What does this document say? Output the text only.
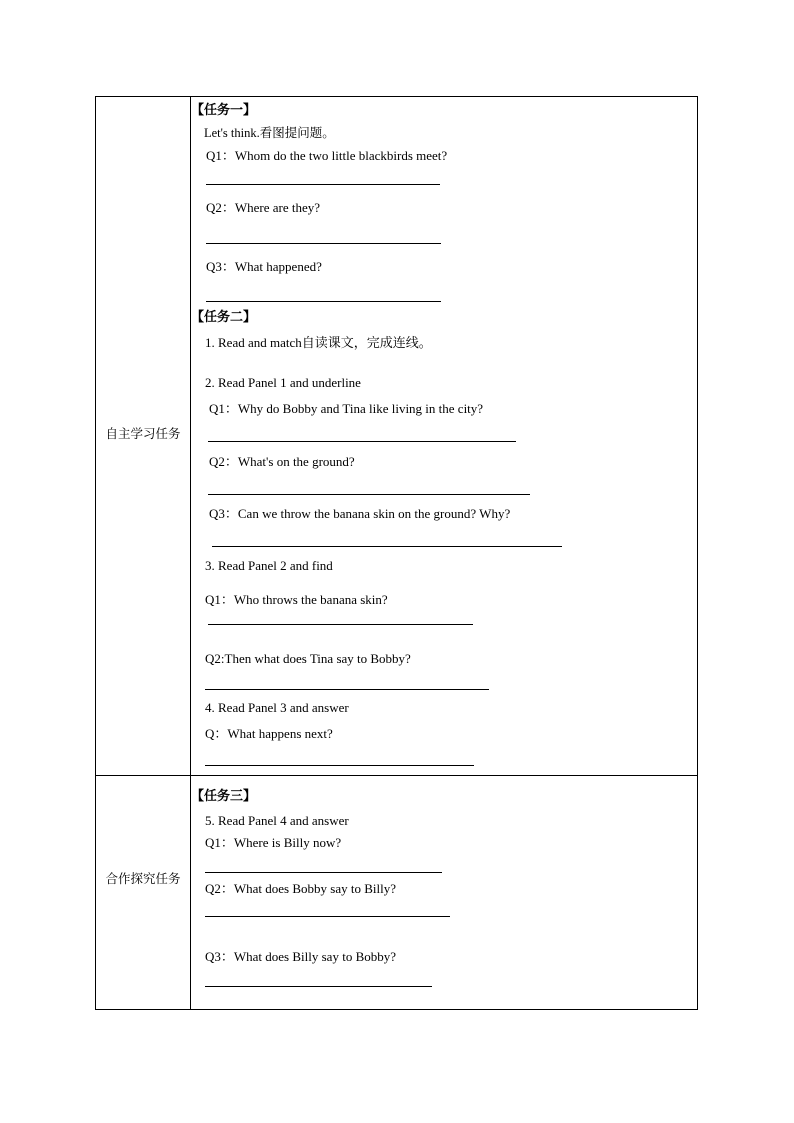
自主学习任务
合作探究任务
【任务一】
Let's think.看图提问题。
Q1：Whom do the two little blackbirds meet?
Q2：Where are they?
Q3：What happened?
【任务二】
1. Read and match自读课文，完成连线。
2. Read Panel 1 and underline
Q1：Why do Bobby and Tina like living in the city?
Q2：What's on the ground?
Q3：Can we throw the banana skin on the ground? Why?
3. Read Panel 2 and find
Q1：Who throws the banana skin?
Q2:Then what does Tina say to Bobby?
4. Read Panel 3 and answer
Q：What happens next?
【任务三】
5. Read Panel 4 and answer
Q1：Where is Billy now?
Q2：What does Bobby say to Billy?
Q3：What does Billy say to Bobby?
